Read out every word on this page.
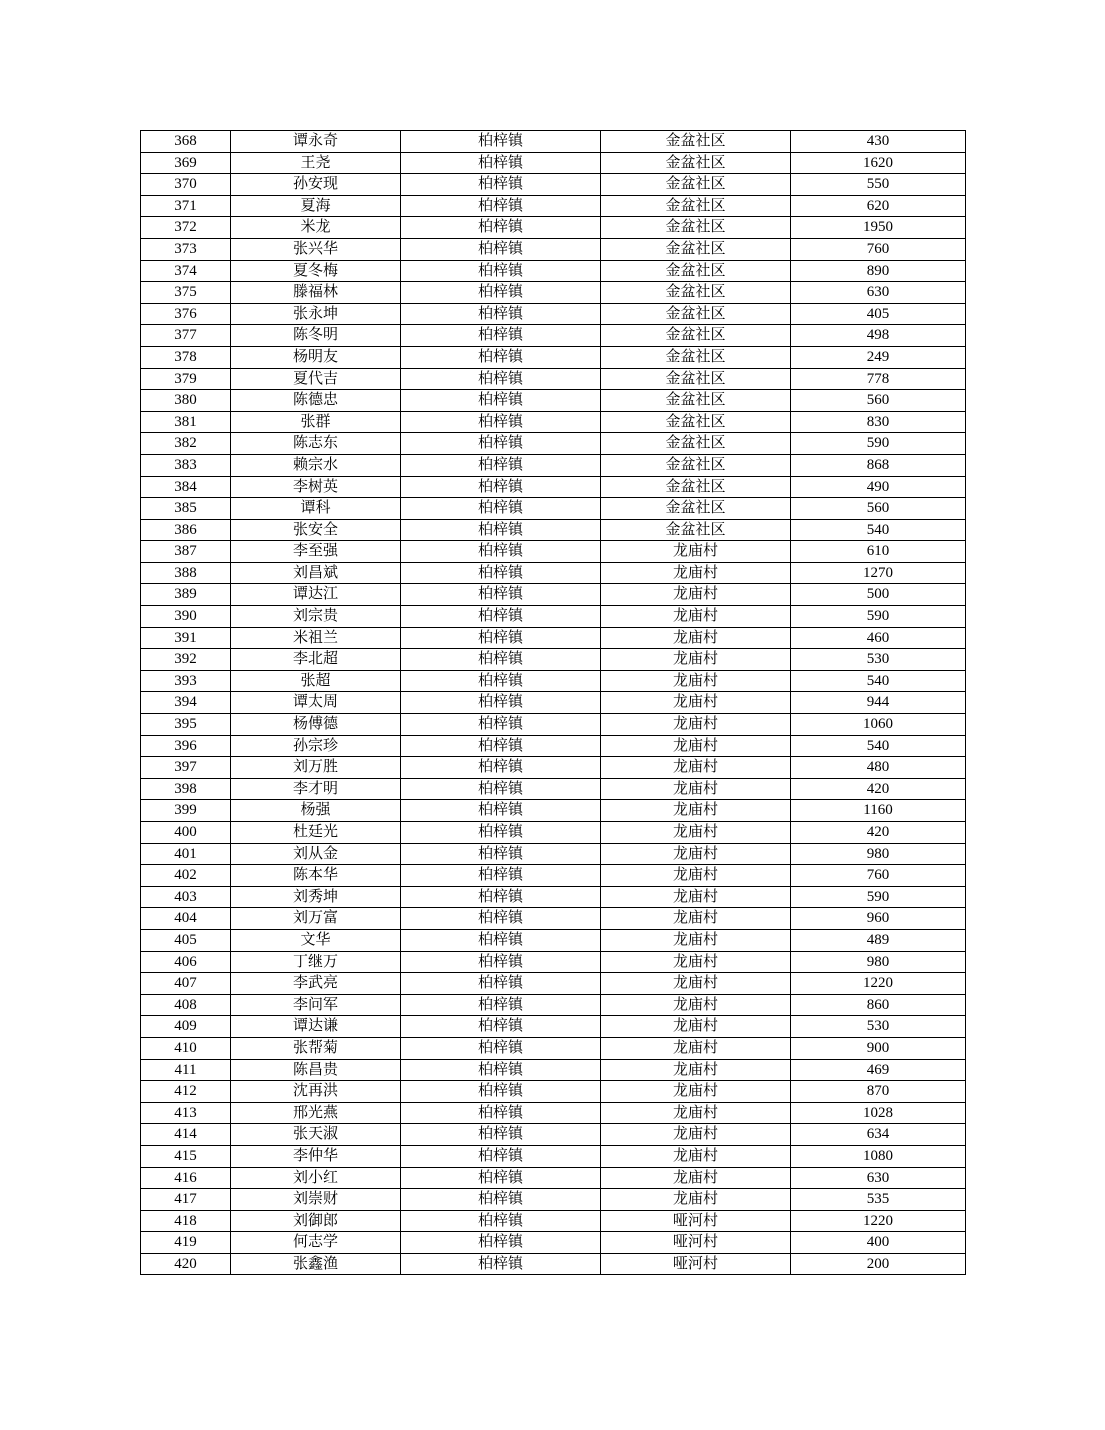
368	谭永奇	柏梓镇	金盆社区	430
369	王尧	柏梓镇	金盆社区	1620
370	孙安现	柏梓镇	金盆社区	550
371	夏海	柏梓镇	金盆社区	620
372	米龙	柏梓镇	金盆社区	1950
373	张兴华	柏梓镇	金盆社区	760
374	夏冬梅	柏梓镇	金盆社区	890
375	滕福林	柏梓镇	金盆社区	630
376	张永坤	柏梓镇	金盆社区	405
377	陈冬明	柏梓镇	金盆社区	498
378	杨明友	柏梓镇	金盆社区	249
379	夏代吉	柏梓镇	金盆社区	778
380	陈德忠	柏梓镇	金盆社区	560
381	张群	柏梓镇	金盆社区	830
382	陈志东	柏梓镇	金盆社区	590
383	赖宗水	柏梓镇	金盆社区	868
384	李树英	柏梓镇	金盆社区	490
385	谭科	柏梓镇	金盆社区	560
386	张安全	柏梓镇	金盆社区	540
387	李至强	柏梓镇	龙庙村	610
388	刘昌斌	柏梓镇	龙庙村	1270
389	谭达江	柏梓镇	龙庙村	500
390	刘宗贵	柏梓镇	龙庙村	590
391	米祖兰	柏梓镇	龙庙村	460
392	李北超	柏梓镇	龙庙村	530
393	张超	柏梓镇	龙庙村	540
394	谭太周	柏梓镇	龙庙村	944
395	杨傅德	柏梓镇	龙庙村	1060
396	孙宗珍	柏梓镇	龙庙村	540
397	刘万胜	柏梓镇	龙庙村	480
398	李才明	柏梓镇	龙庙村	420
399	杨强	柏梓镇	龙庙村	1160
400	杜廷光	柏梓镇	龙庙村	420
401	刘从金	柏梓镇	龙庙村	980
402	陈本华	柏梓镇	龙庙村	760
403	刘秀坤	柏梓镇	龙庙村	590
404	刘万富	柏梓镇	龙庙村	960
405	文华	柏梓镇	龙庙村	489
406	丁继万	柏梓镇	龙庙村	980
407	李武亮	柏梓镇	龙庙村	1220
408	李问军	柏梓镇	龙庙村	860
409	谭达谦	柏梓镇	龙庙村	530
410	张帮菊	柏梓镇	龙庙村	900
411	陈昌贵	柏梓镇	龙庙村	469
412	沈再洪	柏梓镇	龙庙村	870
413	邢光燕	柏梓镇	龙庙村	1028
414	张天淑	柏梓镇	龙庙村	634
415	李仲华	柏梓镇	龙庙村	1080
416	刘小红	柏梓镇	龙庙村	630
417	刘崇财	柏梓镇	龙庙村	535
418	刘御郎	柏梓镇	哑河村	1220
419	何志学	柏梓镇	哑河村	400
420	张鑫渔	柏梓镇	哑河村	200
